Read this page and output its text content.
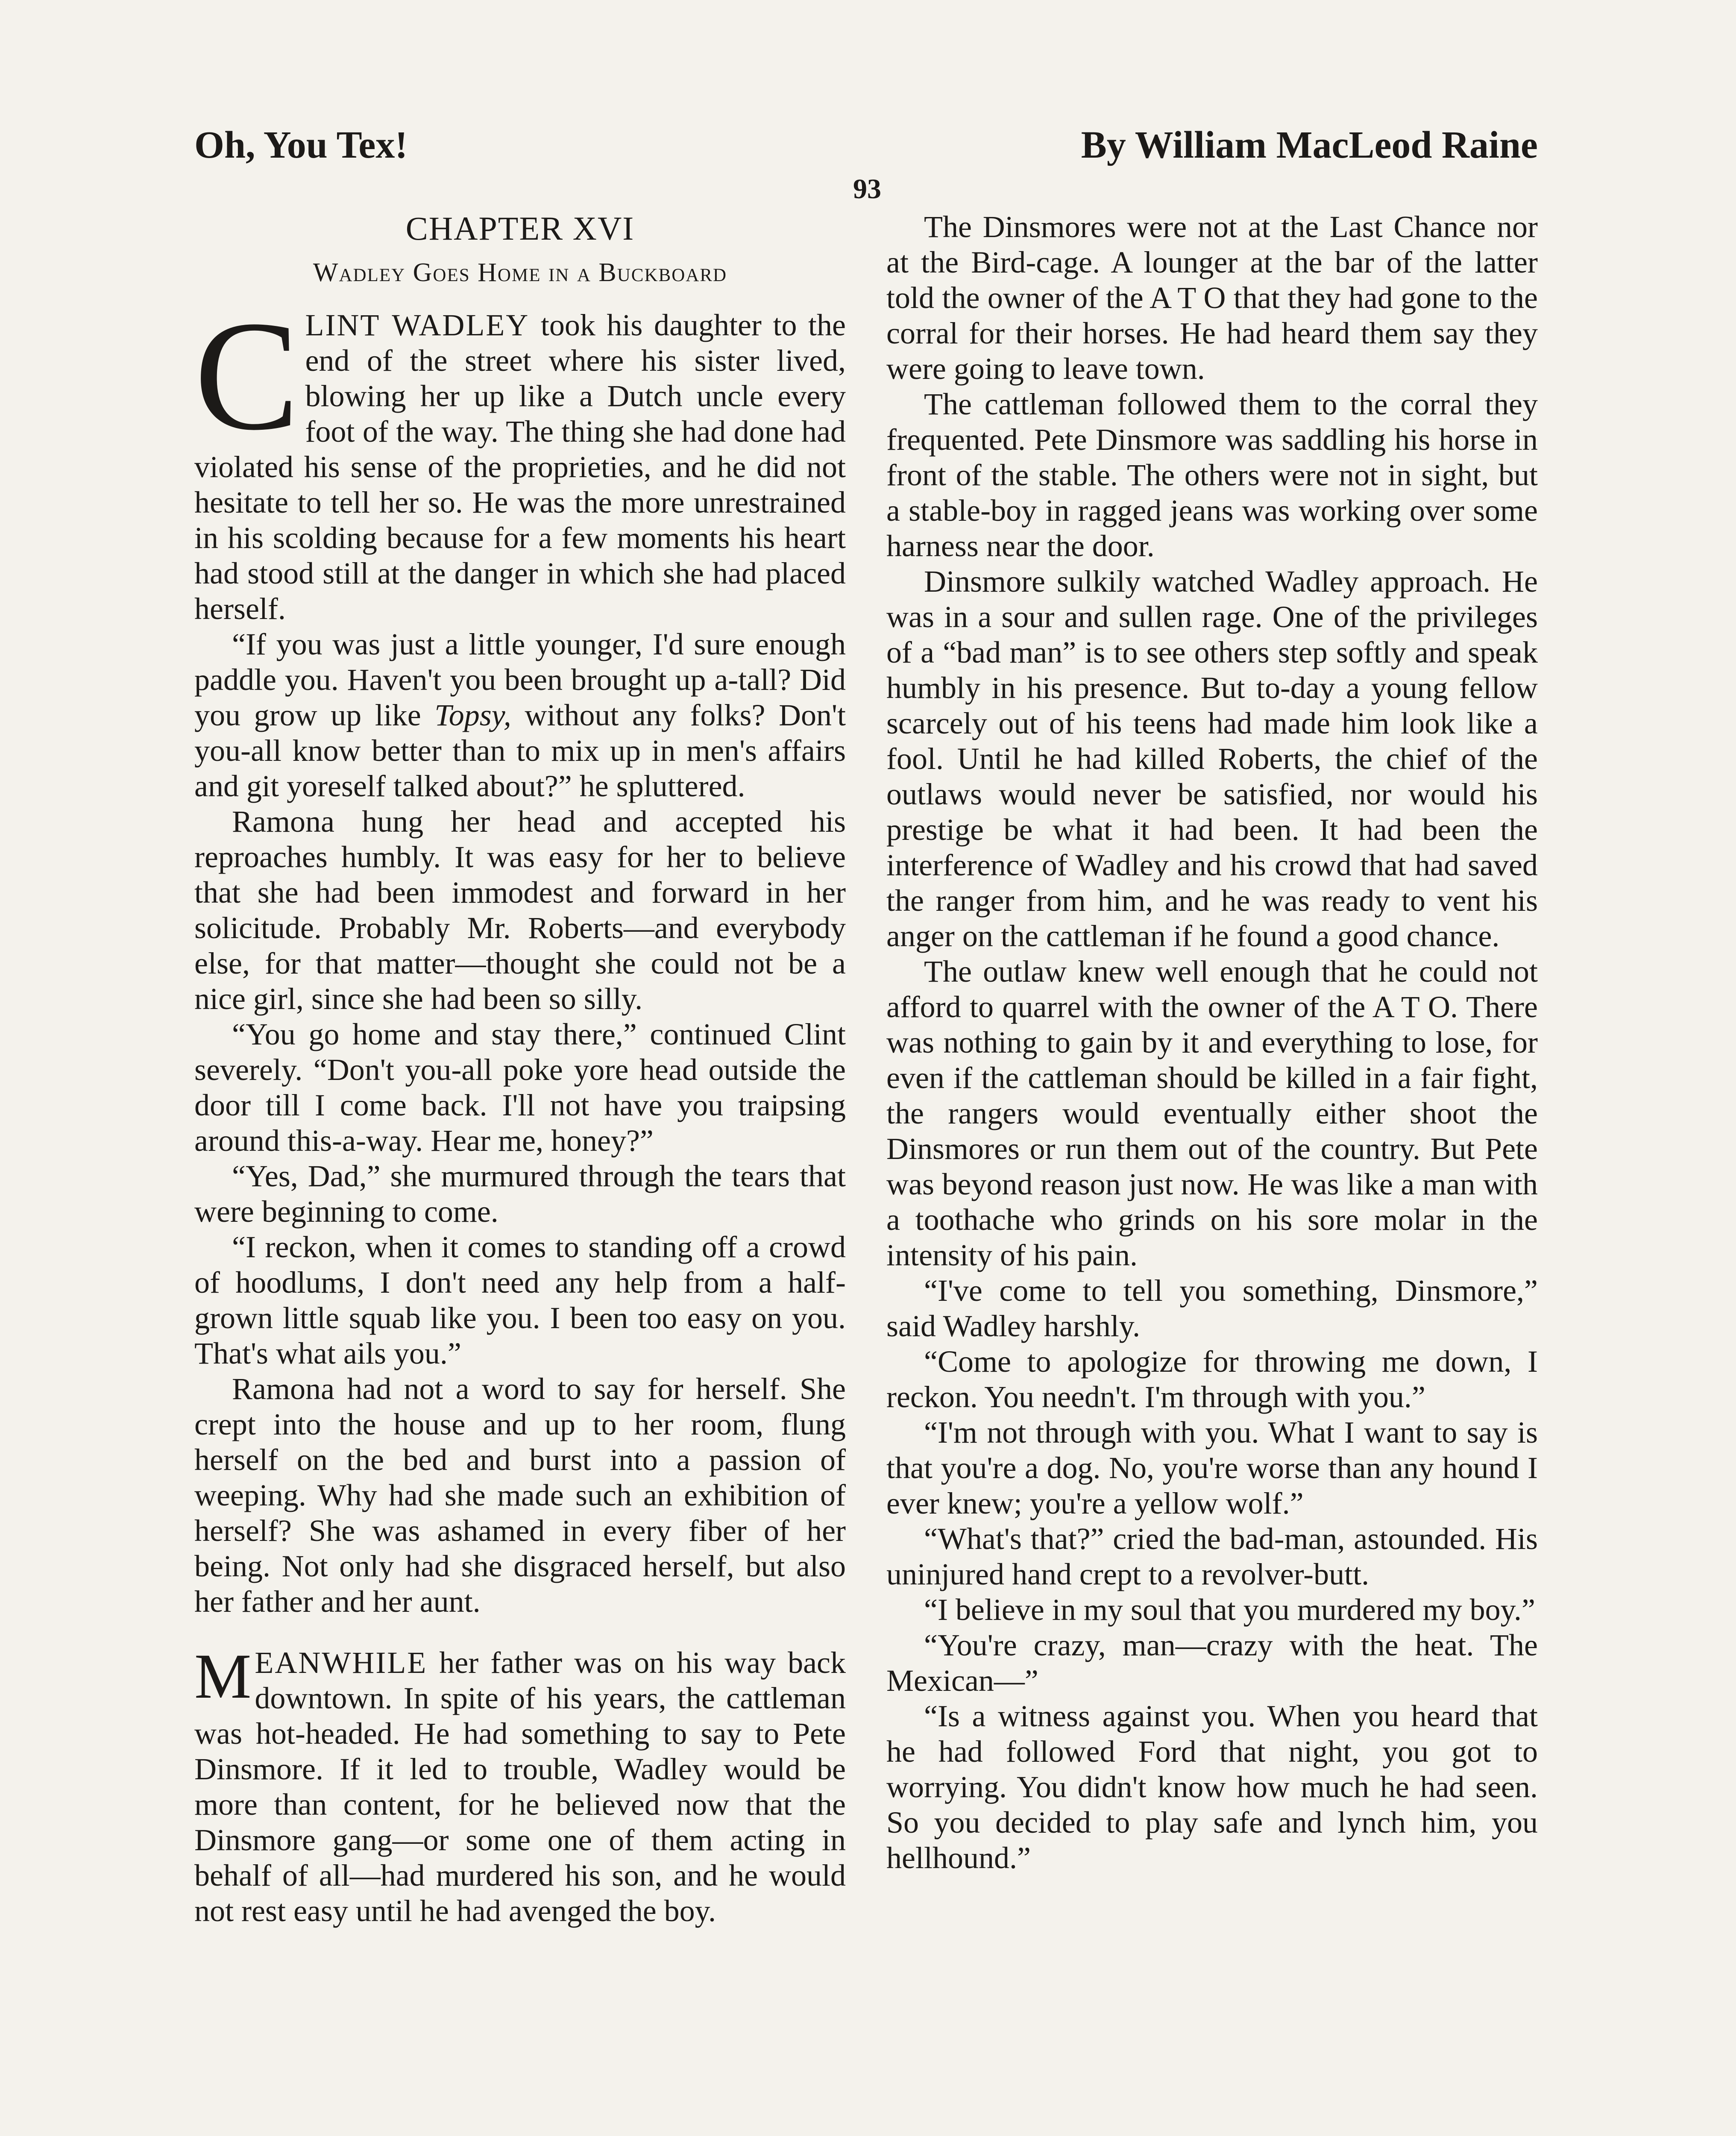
Oh, You Tex!	By William MacLeod Raine
93
CHAPTER XVI
Wadley Goes Home in a Buckboard

CLINT WADLEY took his daughter to the end of the street where his sister lived, blowing her up like a Dutch uncle every foot of the way. The thing she had done had violated his sense of the proprieties, and he did not hesitate to tell her so. He was the more unrestrained in his scolding because for a few moments his heart had stood still at the danger in which she had placed herself.

“If you was just a little younger, I'd sure enough paddle you. Haven't you been brought up a-tall? Did you grow up like Topsy, without any folks? Don't you-all know better than to mix up in men's affairs and git yoreself talked about?” he spluttered.

Ramona hung her head and accepted his reproaches humbly. It was easy for her to believe that she had been immodest and forward in her solicitude. Probably Mr. Roberts—and everybody else, for that matter—thought she could not be a nice girl, since she had been so silly.

“You go home and stay there,” continued Clint severely. “Don't you-all poke yore head outside the door till I come back. I'll not have you traipsing around this-a-way. Hear me, honey?”

“Yes, Dad,” she murmured through the tears that were beginning to come.

“I reckon, when it comes to standing off a crowd of hoodlums, I don't need any help from a half-grown little squab like you. I been too easy on you. That's what ails you.”

Ramona had not a word to say for herself. She crept into the house and up to her room, flung herself on the bed and burst into a passion of weeping. Why had she made such an exhibition of herself? She was ashamed in every fiber of her being. Not only had she disgraced herself, but also her father and her aunt.

MEANWHILE her father was on his way back downtown. In spite of his years, the cattleman was hot-headed. He had something to say to Pete Dinsmore. If it led to trouble, Wadley would be more than content, for he believed now that the Dinsmore gang—or some one of them acting in behalf of all—had murdered his son, and he would not rest easy until he had avenged the boy.

The Dinsmores were not at the Last Chance nor at the Bird-cage. A lounger at the bar of the latter told the owner of the A T O that they had gone to the corral for their horses. He had heard them say they were going to leave town.

The cattleman followed them to the corral they frequented. Pete Dinsmore was saddling his horse in front of the stable. The others were not in sight, but a stable-boy in ragged jeans was working over some harness near the door.

Dinsmore sulkily watched Wadley approach. He was in a sour and sullen rage. One of the privileges of a “bad man” is to see others step softly and speak humbly in his presence. But to-day a young fellow scarcely out of his teens had made him look like a fool. Until he had killed Roberts, the chief of the outlaws would never be satisfied, nor would his prestige be what it had been. It had been the interference of Wadley and his crowd that had saved the ranger from him, and he was ready to vent his anger on the cattleman if he found a good chance.

The outlaw knew well enough that he could not afford to quarrel with the owner of the A T O. There was nothing to gain by it and everything to lose, for even if the cattleman should be killed in a fair fight, the rangers would eventually either shoot the Dinsmores or run them out of the country. But Pete was beyond reason just now. He was like a man with a toothache who grinds on his sore molar in the intensity of his pain.

“I've come to tell you something, Dinsmore,” said Wadley harshly.

“Come to apologize for throwing me down, I reckon. You needn't. I'm through with you.”

“I'm not through with you. What I want to say is that you're a dog. No, you're worse than any hound I ever knew; you're a yellow wolf.”

“What's that?” cried the bad-man, astounded. His uninjured hand crept to a revolver-butt.

“I believe in my soul that you murdered my boy.”

“You're crazy, man—crazy with the heat. The Mexican—”

“Is a witness against you. When you heard that he had followed Ford that night, you got to worrying. You didn't know how much he had seen. So you decided to play safe and lynch him, you hellhound.”
